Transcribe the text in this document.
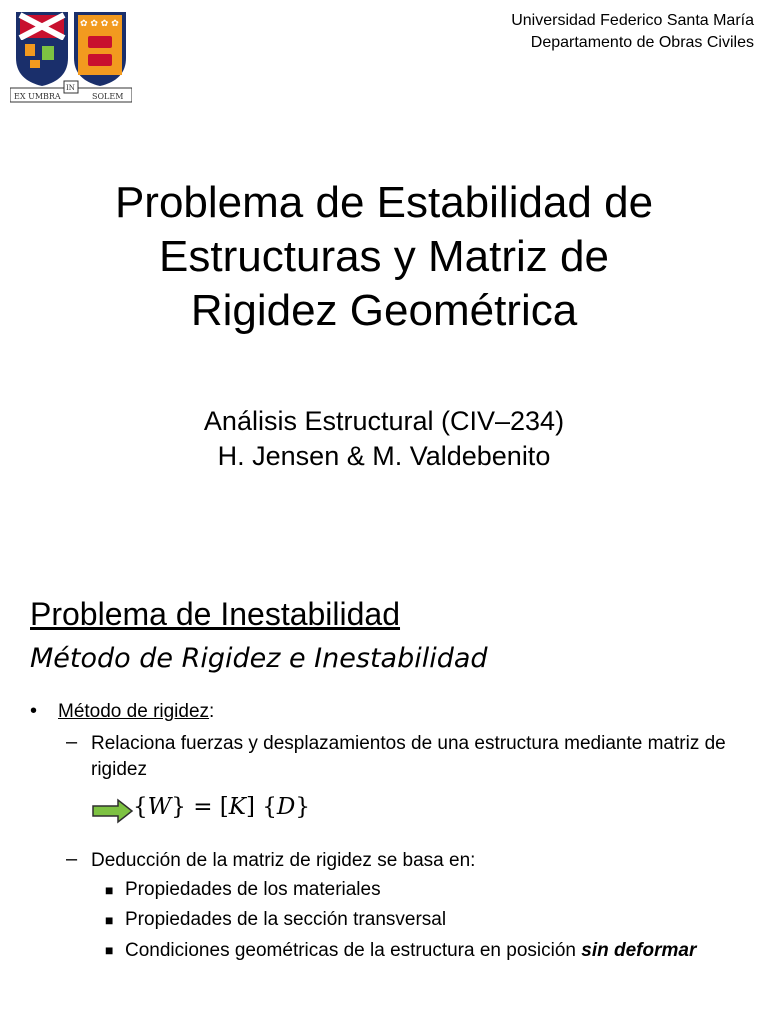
✿ ✿ ✿ ✿
EX UMBRA
IN
SOLEM
Universidad Federico Santa María
Departamento de Obras Civiles
Problema de Estabilidad de
Estructuras y Matriz de
Rigidez Geométrica
Análisis Estructural (CIV–234)
H. Jensen & M. Valdebenito
Problema de Inestabilidad
Método de Rigidez e Inestabilidad
• Método de rigidez:
– Relaciona fuerzas y desplazamientos de una estructura mediante matriz de rigidez
{W} = [K] {D}
– Deducción de la matriz de rigidez se basa en:
■ Propiedades de los materiales
■ Propiedades de la sección transversal
■ Condiciones geométricas de la estructura en posición sin deformar
